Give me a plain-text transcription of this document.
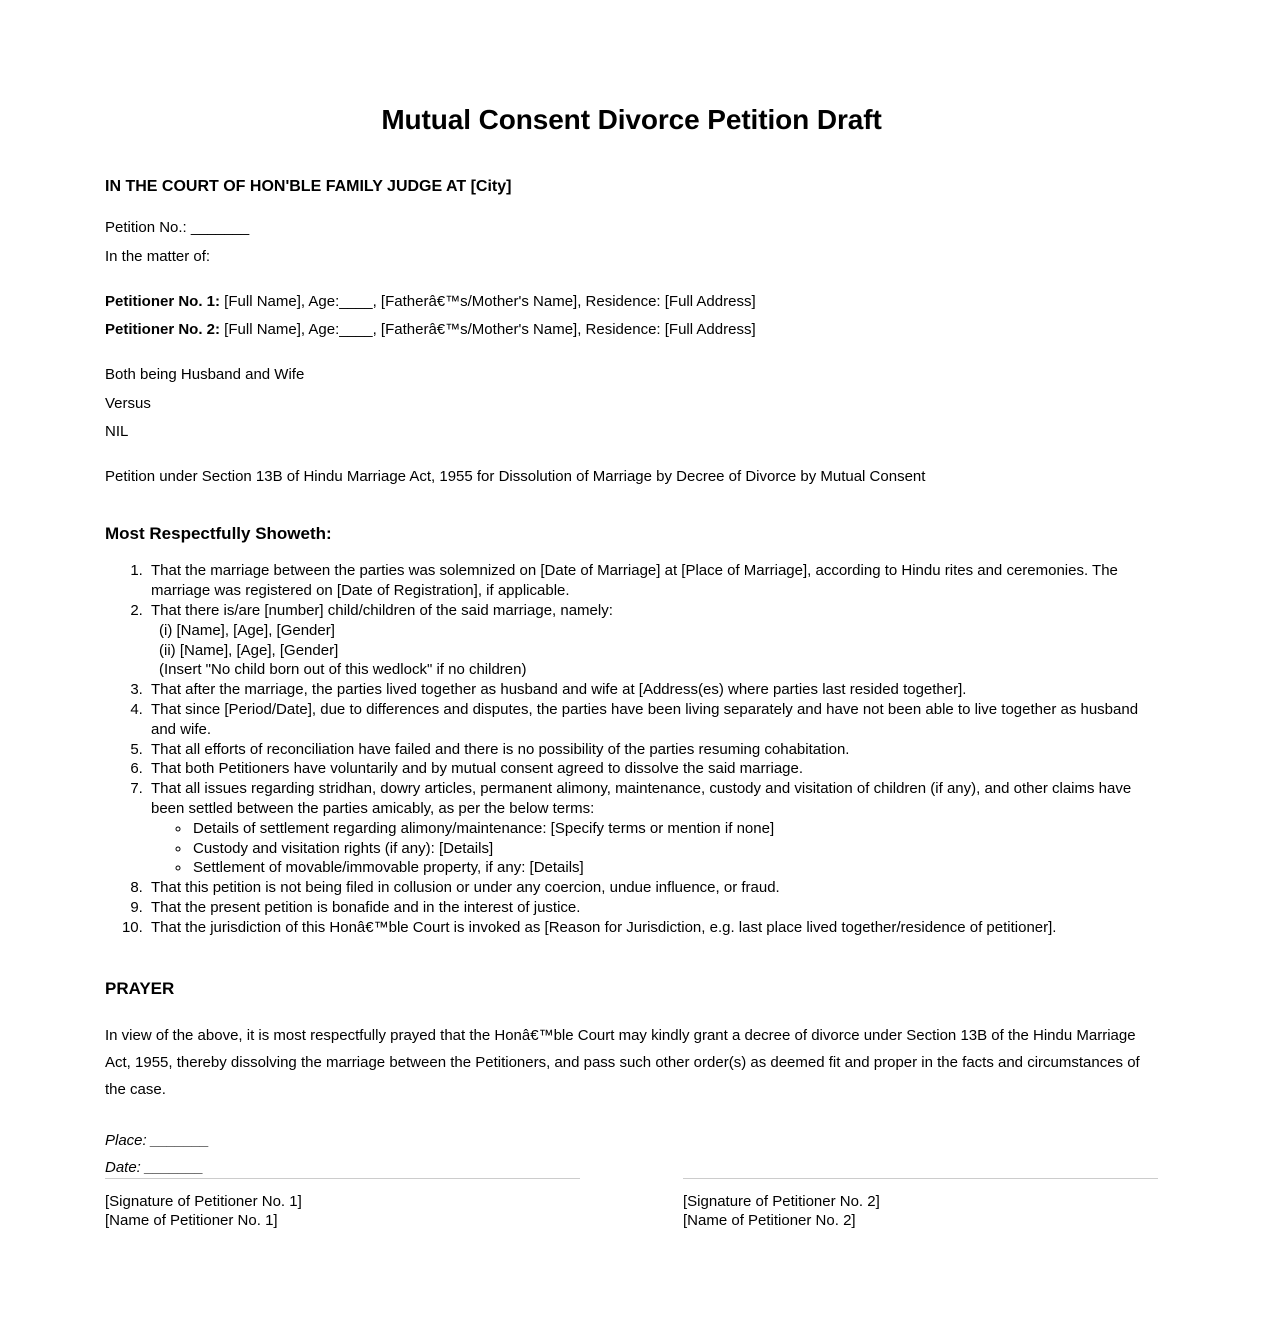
Mutual Consent Divorce Petition Draft
IN THE COURT OF HON'BLE FAMILY JUDGE AT [City]

Petition No.: _______

In the matter of:

Petitioner No. 1: [Full Name], Age:____, [Fatherâ€™s/Mother's Name], Residence: [Full Address]

Petitioner No. 2: [Full Name], Age:____, [Fatherâ€™s/Mother's Name], Residence: [Full Address]

Both being Husband and Wife

Versus

NIL

Petition under Section 13B of Hindu Marriage Act, 1955 for Dissolution of Marriage by Decree of Divorce by Mutual Consent

Most Respectfully Showeth:
1. That the marriage between the parties was solemnized on [Date of Marriage] at [Place of Marriage], according to Hindu rites and ceremonies. The marriage was registered on [Date of Registration], if applicable.
2. That there is/are [number] child/children of the said marriage, namely:
(i) [Name], [Age], [Gender]
(ii) [Name], [Age], [Gender]
(Insert "No child born out of this wedlock" if no children)
3. That after the marriage, the parties lived together as husband and wife at [Address(es) where parties last resided together].
4. That since [Period/Date], due to differences and disputes, the parties have been living separately and have not been able to live together as husband and wife.
5. That all efforts of reconciliation have failed and there is no possibility of the parties resuming cohabitation.
6. That both Petitioners have voluntarily and by mutual consent agreed to dissolve the said marriage.
7. That all issues regarding stridhan, dowry articles, permanent alimony, maintenance, custody and visitation of children (if any), and other claims have been settled between the parties amicably, as per the below terms:
◦ Details of settlement regarding alimony/maintenance: [Specify terms or mention if none]
◦ Custody and visitation rights (if any): [Details]
◦ Settlement of movable/immovable property, if any: [Details]
8. That this petition is not being filed in collusion or under any coercion, undue influence, or fraud.
9. That the present petition is bonafide and in the interest of justice.
10. That the jurisdiction of this Honâ€™ble Court is invoked as [Reason for Jurisdiction, e.g. last place lived together/residence of petitioner].
PRAYER

In view of the above, it is most respectfully prayed that the Honâ€™ble Court may kindly grant a decree of divorce under Section 13B of the Hindu Marriage Act, 1955, thereby dissolving the marriage between the Petitioners, and pass such other order(s) as deemed fit and proper in the facts and circumstances of the case.

Place: _______

Date: _______

[Signature of Petitioner No. 1]

[Name of Petitioner No. 1]

[Signature of Petitioner No. 2]

[Name of Petitioner No. 2]
